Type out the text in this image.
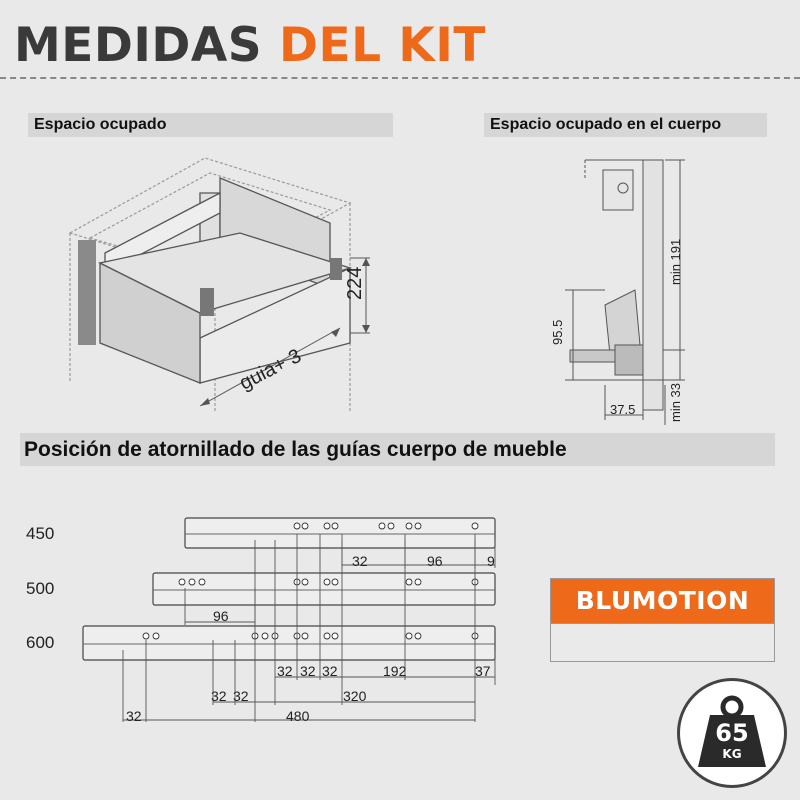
MEDIDAS DEL KIT
Espacio ocupado	Espacio ocupado en el cuerpo
224
guia+ 3
min 191
95.5
37.5	min 33
Posición de atornillado de las guías cuerpo de mueble
450
500
600
32	96	9
96
32 32 32	192	37
32 32	320
32	480
BLUMOTION
65
KG
